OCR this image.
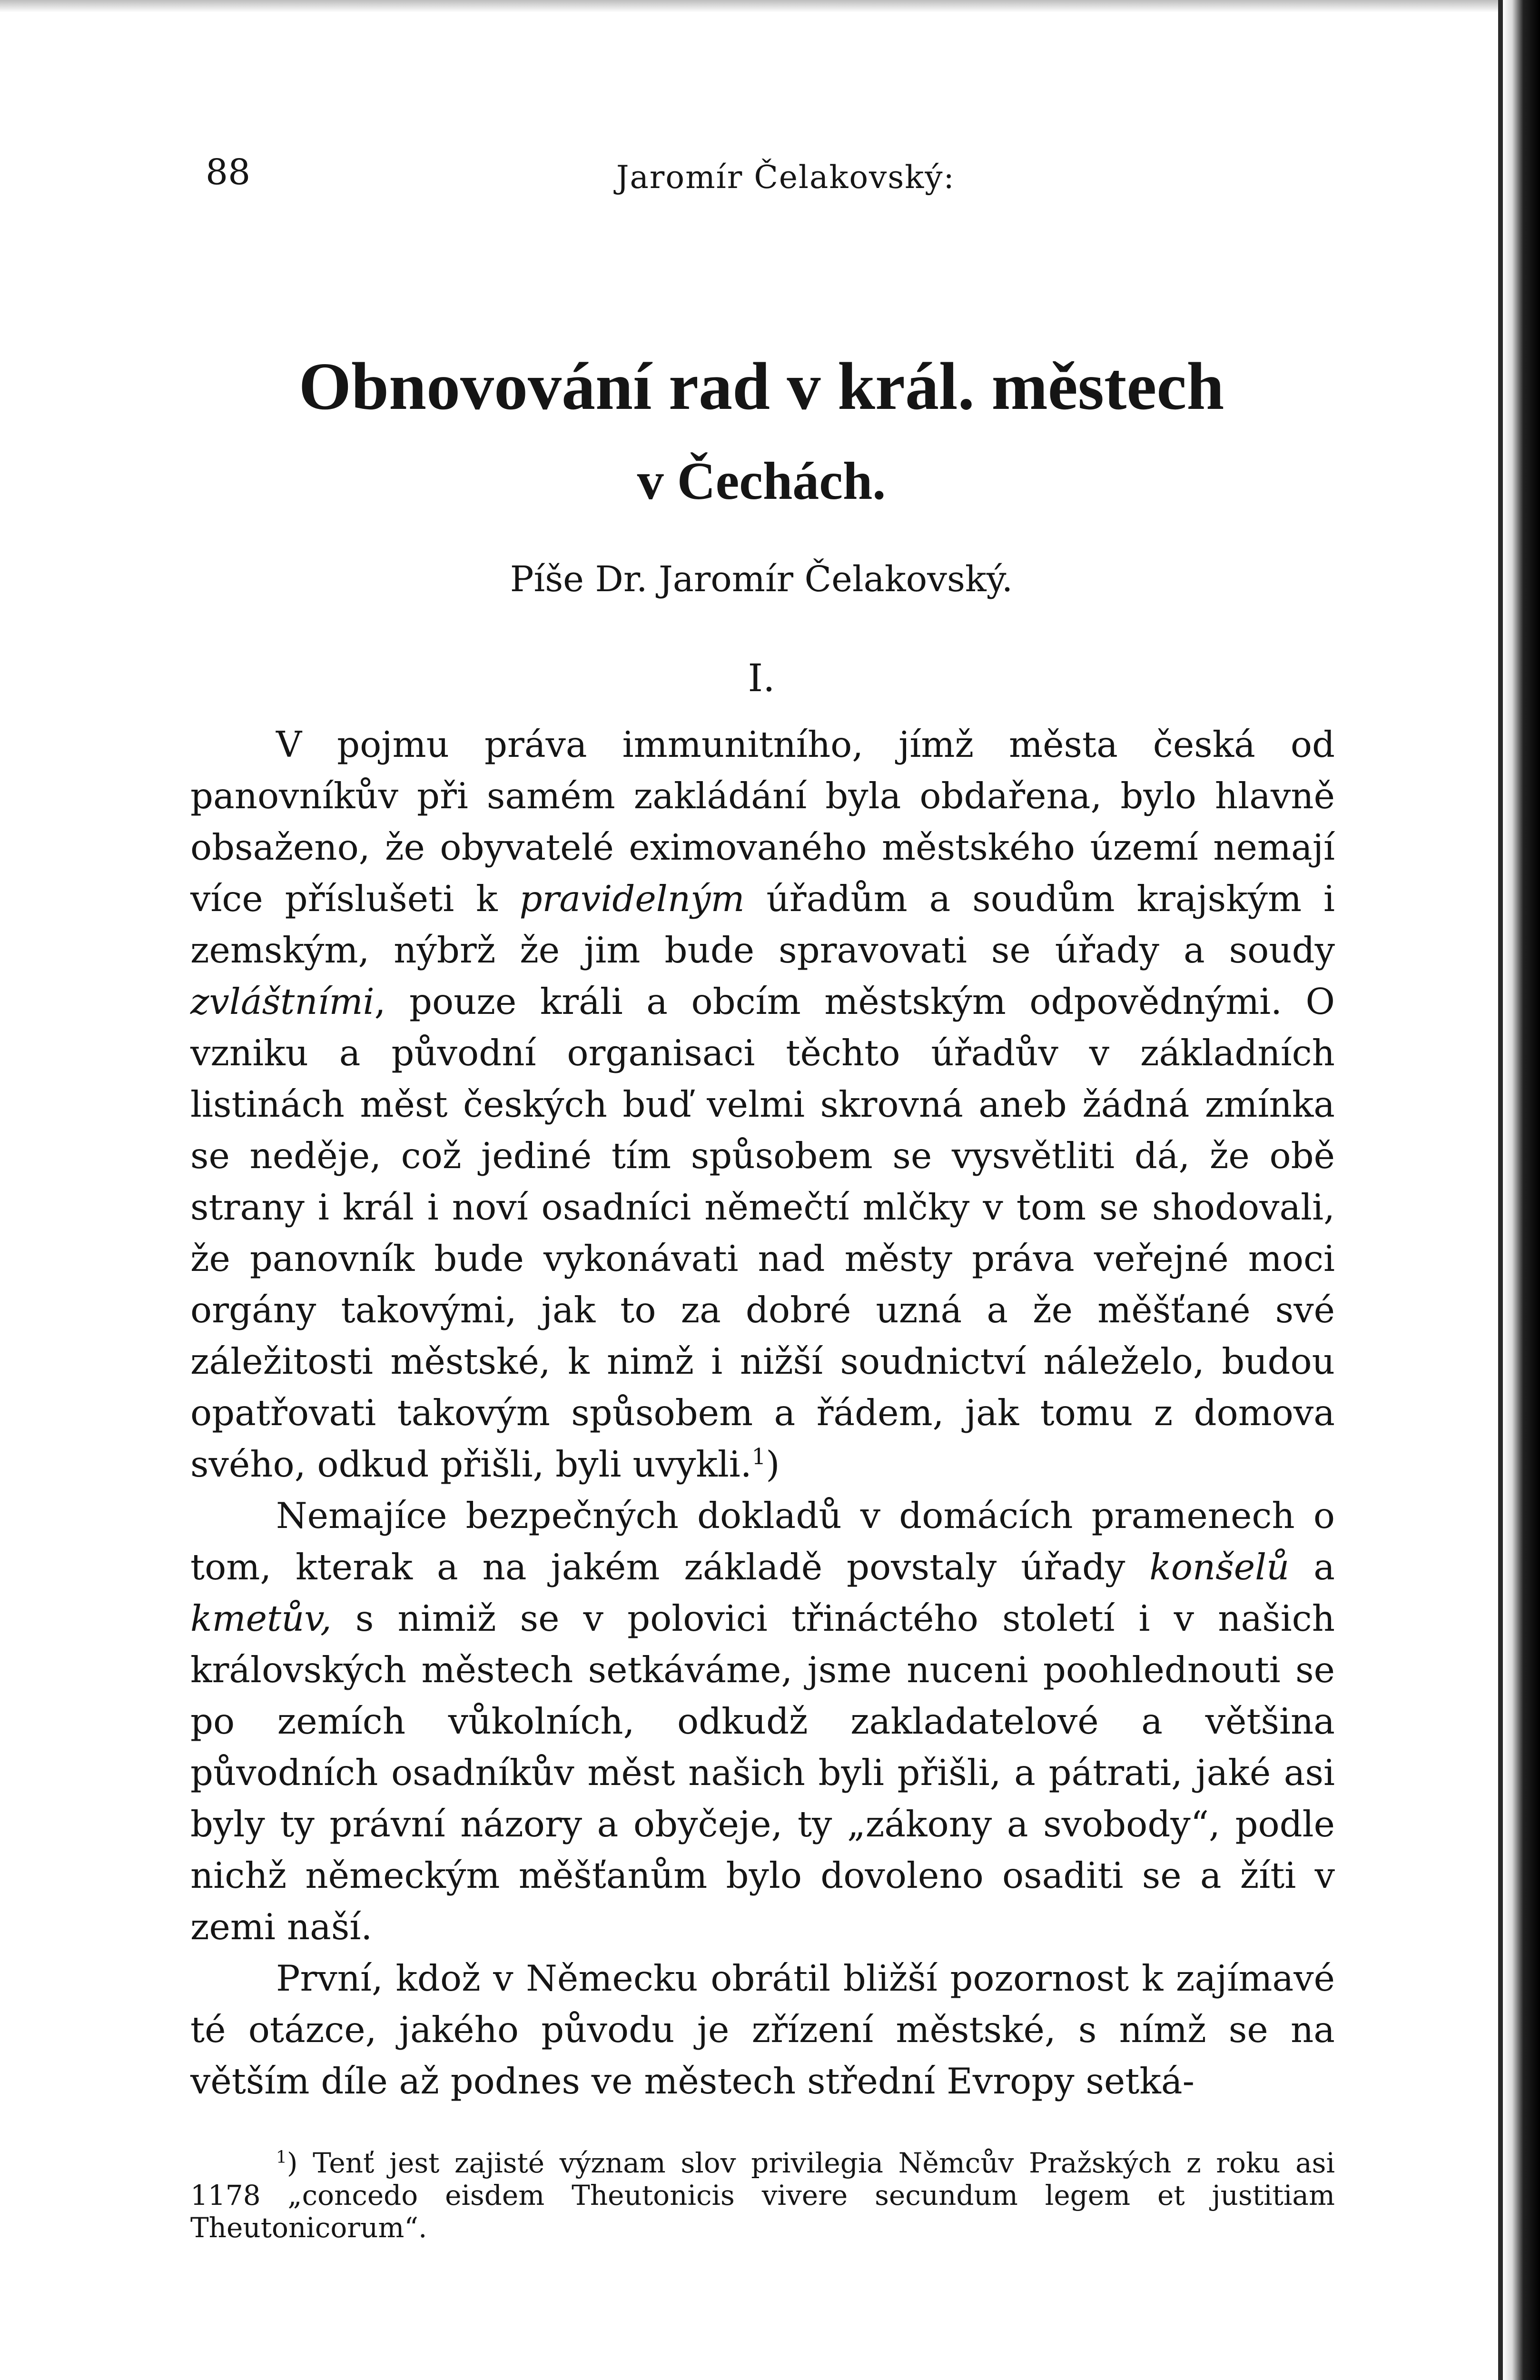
88	Jaromír Čelakovský:
Obnovování rad v král. městech
v Čechách.
Píše Dr. Jaromír Čelakovský.
I.

V pojmu práva immunitního, jímž města česká od panovníkův při samém zakládání byla obdařena, bylo hlavně obsaženo, že obyvatelé eximovaného městského území nemají více příslušeti k pravidelným úřadům a soudům krajským i zemským, nýbrž že jim bude spravovati se úřady a soudy zvláštními, pouze králi a obcím městským odpovědnými. O vzniku a původní organisaci těchto úřadův v základních listinách měst českých buď velmi skrovná aneb žádná zmínka se neděje, což jediné tím spůsobem se vysvětliti dá, že obě strany i král i noví osadníci němečtí mlčky v tom se shodovali, že panovník bude vykonávati nad městy práva veřejné moci orgány takovými, jak to za dobré uzná a že měšťané své záležitosti městské, k nimž i nižší soudnictví náleželo, budou opatřovati takovým spůsobem a řádem, jak tomu z domova svého, odkud přišli, byli uvykli.$^1$)

Nemajíce bezpečných dokladů v domácích pramenech o tom, kterak a na jakém základě povstaly úřady konšelů a kmetův, s nimiž se v polovici třináctého století i v našich královských městech setkáváme, jsme nuceni poohlednouti se po zemích vůkolních, odkudž zakladatelové a většina původních osadníkův měst našich byli přišli, a pátrati, jaké asi byly ty právní názory a obyčeje, ty „zákony a svobody“, podle nichž německým měšťanům bylo dovoleno osaditi se a žíti v zemi naší.

První, kdož v Německu obrátil bližší pozornost k zajímavé té otázce, jakého původu je zřízení městské, s nímž se na větším díle až podnes ve městech střední Evropy setká-

$^1$) Tenť jest zajisté význam slov privilegia Němcův Pražských z roku asi 1178 „concedo eisdem Theutonicis vivere secundum legem et justitiam Theutonicorum“.
